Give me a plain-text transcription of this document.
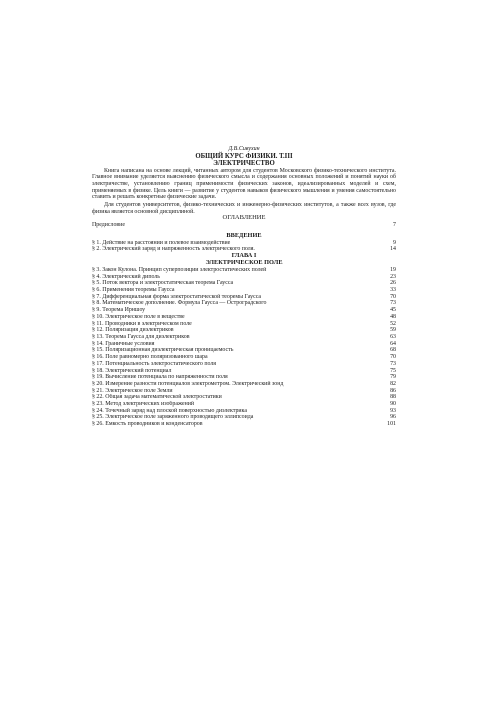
Д.В.Сивухин
ОБЩИЙ КУРС ФИЗИКИ. Т.III
ЭЛЕКТРИЧЕСТВО

Книга написана на основе лекций, читанных автором для студентов Московского физико-технического института. Главное внимание уделяется выяснению физического смысла и содержания основных положений и понятий науки об электричестве, установлению границ применимости физических законов, идеализированных моделей и схем, применяемых в физике. Цель книги — развитие у студентов навыков физического мышления и умения самостоятельно ставить и решать конкретные физические задачи.

Для студентов университетов, физико-технических и инженерно-физических институтов, а также всех вузов, где физика является основной дисциплиной.

ОГЛАВЛЕНИЕ
Предисловие	7
ВВЕДЕНИЕ
§ 1. Действие на расстоянии и полевое взаимодействие	9
§ 2. Электрический заряд и напряженность электрического поля.	14
ГЛАВА I
ЭЛЕКТРИЧЕСКОЕ ПОЛЕ
§ 3. Закон Кулона. Принцип суперпозиции электростатических полей	19
§ 4. Электрический диполь	23
§ 5. Поток вектора и электростатическая теорема Гаусса	26
§ 6. Применения теоремы Гаусса	33
§ 7. Дифференциальная форма электростатической теоремы Гаусса	70
§ 8. Математическое дополнение. Формула Гаусса — Остроградского	73
§ 9. Теорема Ирншоу	45
§ 10. Электрическое поле в веществе	48
§ 11. Проводники в электрическом поле	52
§ 12. Поляризация диэлектриков	59
§ 13. Теорема Гаусса для диэлектриков	63
§ 14. Граничные условия	64
§ 15. Поляризационная диэлектрическая проницаемость	68
§ 16. Поле равномерно поляризованного шара	70
§ 17. Потенциальность электростатического поля	73
§ 18. Электрический потенциал	75
§ 19. Вычисление потенциала по напряженности поля	79
§ 20. Измерение разности потенциалов электрометром. Электрический зонд	82
§ 21. Электрическое поле Земли	86
§ 22. Общая задача математической электростатики	88
§ 23. Метод электрических изображений	90
§ 24. Точечный заряд над плоской поверхностью диэлектрика	93
§ 25. Электрическое поле заряженного проводящего эллипсоида	96
§ 26. Емкость проводников и конденсаторов	101
